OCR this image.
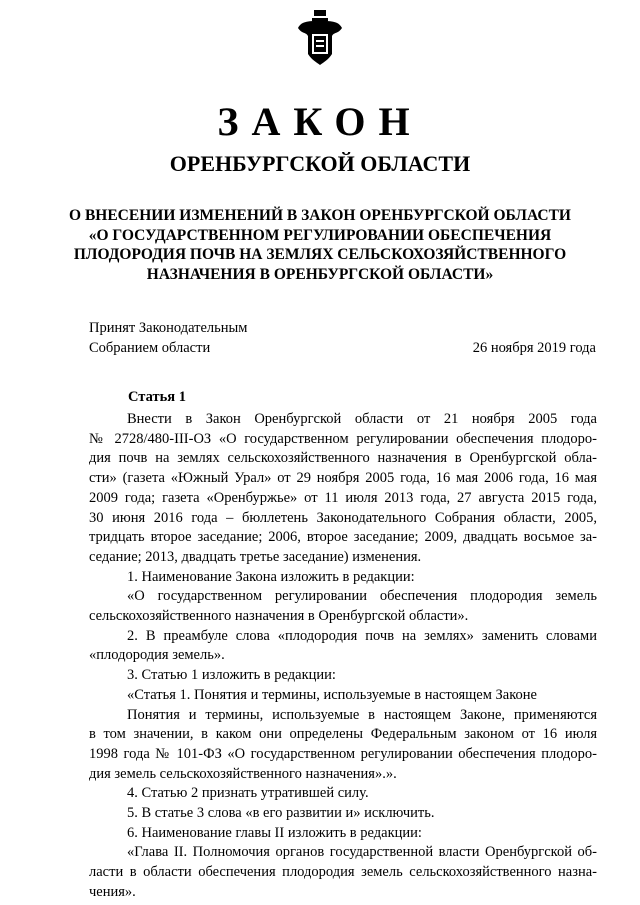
ЗАКОН
ОРЕНБУРГСКОЙ ОБЛАСТИ
О ВНЕСЕНИИ ИЗМЕНЕНИЙ В ЗАКОН ОРЕНБУРГСКОЙ ОБЛАСТИ
«О ГОСУДАРСТВЕННОМ РЕГУЛИРОВАНИИ ОБЕСПЕЧЕНИЯ
ПЛОДОРОДИЯ ПОЧВ НА ЗЕМЛЯХ СЕЛЬСКОХОЗЯЙСТВЕННОГО
НАЗНАЧЕНИЯ В ОРЕНБУРГСКОЙ ОБЛАСТИ»
Принят Законодательным
Собранием области	26 ноября 2019 года
Статья 1

Внести в Закон Оренбургской области от 21 ноября 2005 года

№ 2728/480-III-ОЗ «О государственном регулировании обеспечения плодоро-

дия почв на землях сельскохозяйственного назначения в Оренбургской обла-

сти» (газета «Южный Урал» от 29 ноября 2005 года, 16 мая 2006 года, 16 мая

2009 года; газета «Оренбуржье» от 11 июля 2013 года, 27 августа 2015 года,

30 июня 2016 года – бюллетень Законодательного Собрания области, 2005,

тридцать второе заседание; 2006, второе заседание; 2009, двадцать восьмое за-

седание; 2013, двадцать третье заседание) изменения.

1. Наименование Закона изложить в редакции:

«О государственном регулировании обеспечения плодородия земель

сельскохозяйственного назначения в Оренбургской области».

2. В преамбуле слова «плодородия почв на землях» заменить словами

«плодородия земель».

3. Статью 1 изложить в редакции:

«Статья 1. Понятия и термины, используемые в настоящем Законе

Понятия и термины, используемые в настоящем Законе, применяются

в том значении, в каком они определены Федеральным законом от 16 июля

1998 года № 101-ФЗ «О государственном регулировании обеспечения плодоро-

дия земель сельскохозяйственного назначения».».

4. Статью 2 признать утратившей силу.

5. В статье 3 слова «в его развитии и» исключить.

6. Наименование главы II изложить в редакции:

«Глава II. Полномочия органов государственной власти Оренбургской об-

ласти в области обеспечения плодородия земель сельскохозяйственного назна-

чения».
